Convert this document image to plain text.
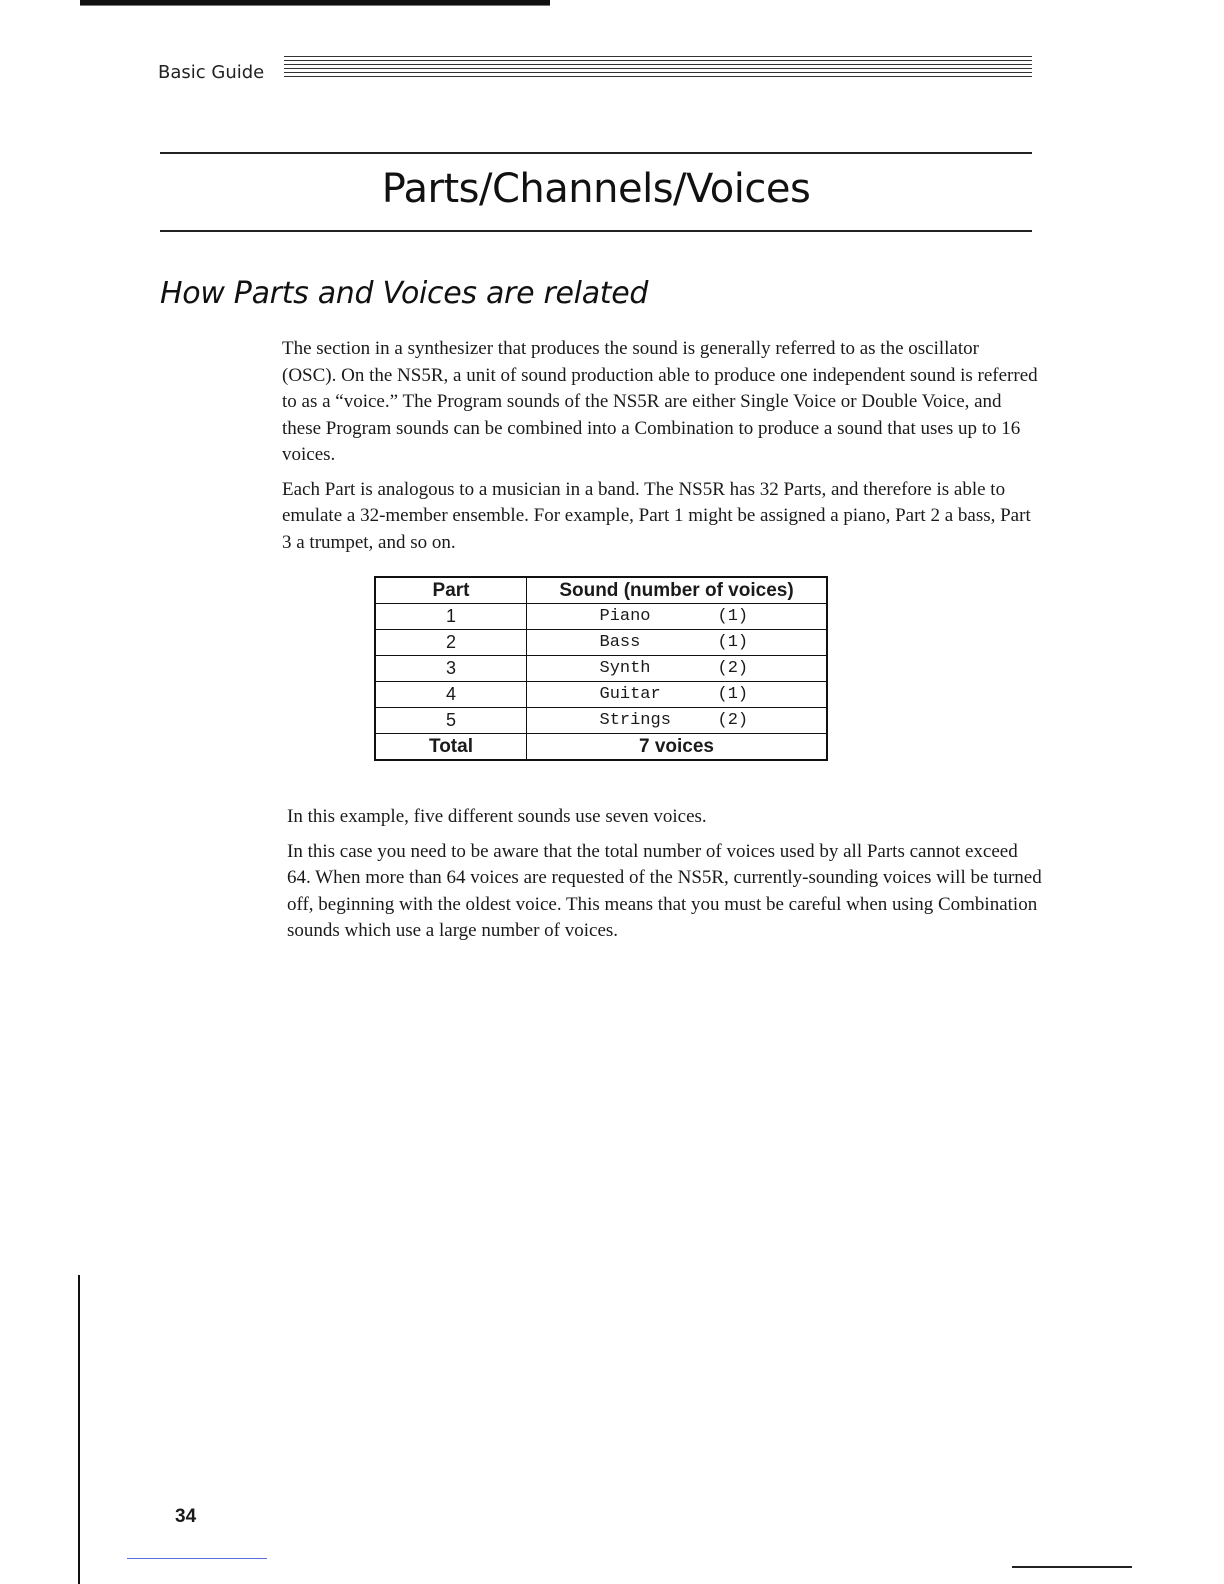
Basic Guide
Parts/Channels/Voices
How Parts and Voices are related

The section in a synthesizer that produces the sound is generally referred to as the oscillator (OSC). On the NS5R, a unit of sound production able to produce one independent sound is referred to as a “voice.” The Program sounds of the NS5R are either Single Voice or Double Voice, and these Program sounds can be combined into a Combination to produce a sound that uses up to 16 voices.

Each Part is analogous to a musician in a band. The NS5R has 32 Parts, and therefore is able to emulate a 32-member ensemble. For example, Part 1 might be assigned a piano, Part 2 a bass, Part 3 a trumpet, and so on.

Part	Sound (number of voices)
1	Piano (1)
2	Bass (1)
3	Synth (2)
4	Guitar (1)
5	Strings (2)
Total	7 voices

In this example, five different sounds use seven voices.

In this case you need to be aware that the total number of voices used by all Parts cannot exceed 64. When more than 64 voices are requested of the NS5R, currently-sounding voices will be turned off, beginning with the oldest voice. This means that you must be careful when using Combination sounds which use a large number of voices.

34
